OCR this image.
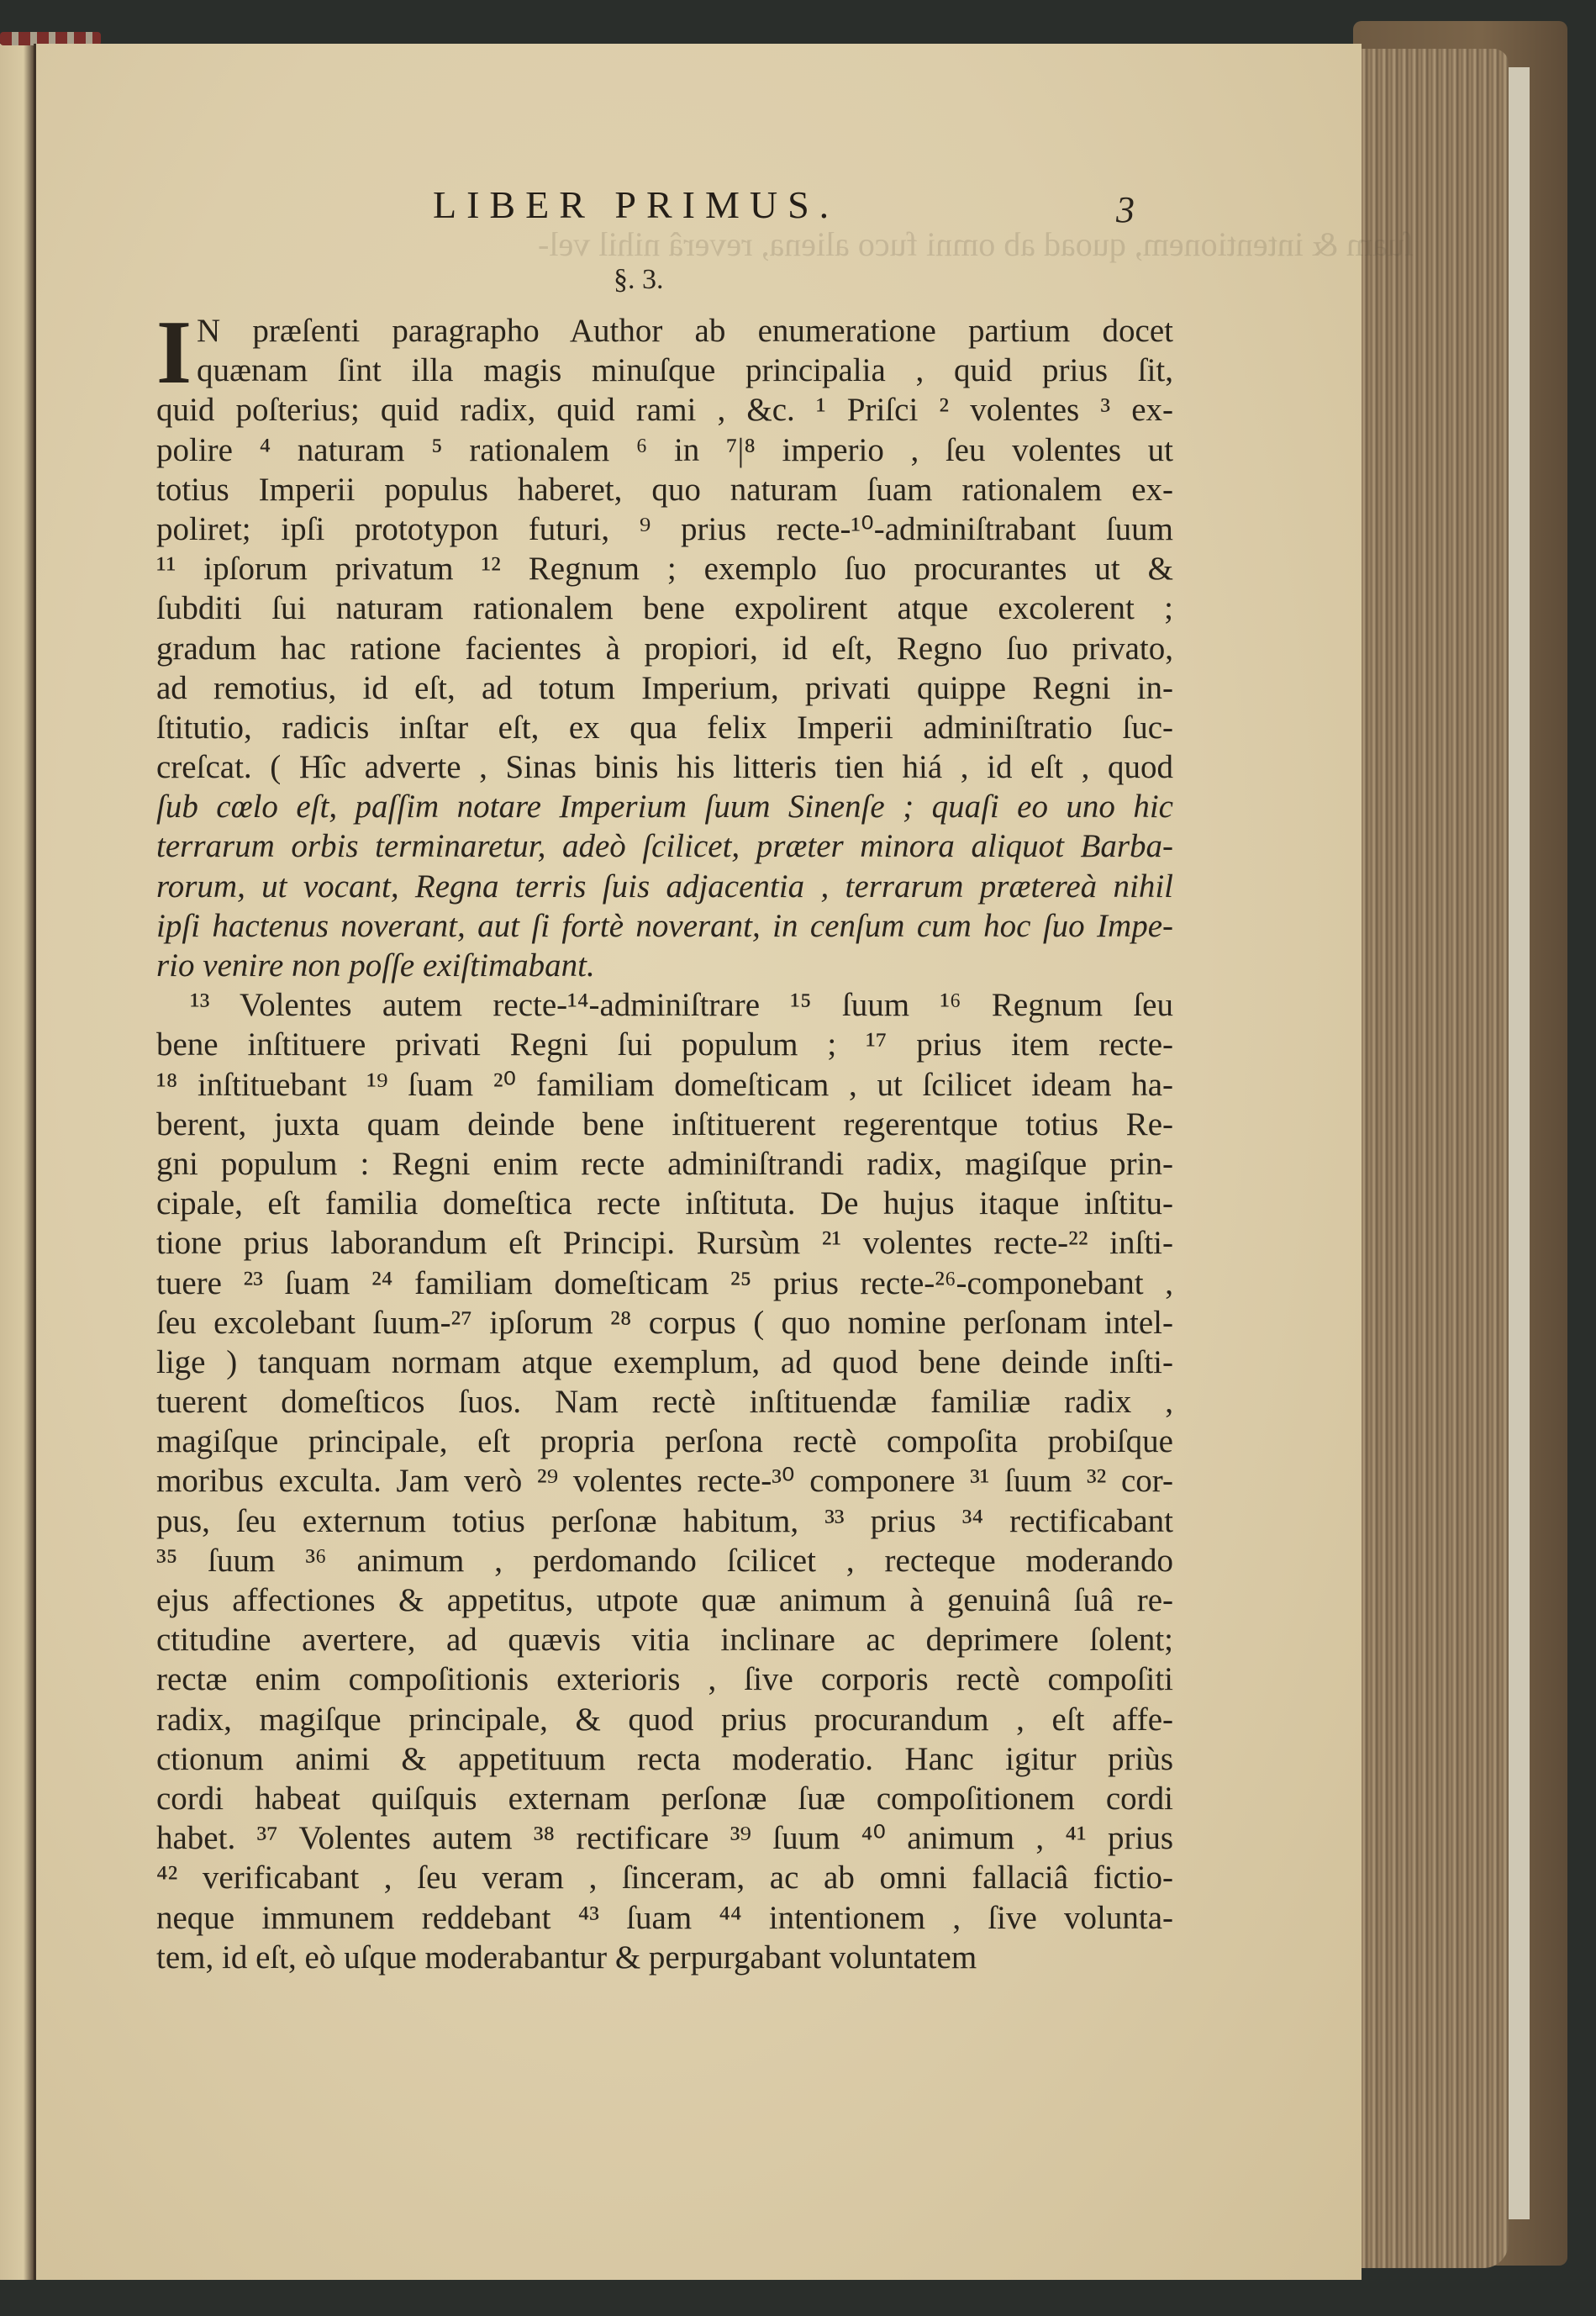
ſuam & intentionem, quoad ab omni fuco aliena, reverâ nihil vel-
LIBER PRIMUS.	3
§. 3.
I N præſenti paragrapho Author ab enumeratione partium docet
quænam ſint illa magis minuſque principalia , quid prius ſit,
quid poſterius; quid radix, quid rami , &c. ¹ Priſci ² volentes ³ ex-
polire ⁴ naturam ⁵ rationalem ⁶ in ⁷|⁸ imperio , ſeu volentes ut
totius Imperii populus haberet, quo naturam ſuam rationalem ex-
poliret; ipſi prototypon futuri, ⁹ prius recte-¹⁰-adminiſtrabant ſuum
¹¹ ipſorum privatum ¹² Regnum ; exemplo ſuo procurantes ut &
ſubditi ſui naturam rationalem bene expolirent atque excolerent ;
gradum hac ratione facientes à propiori, id eſt, Regno ſuo privato,
ad remotius, id eſt, ad totum Imperium, privati quippe Regni in-
ſtitutio, radicis inſtar eſt, ex qua felix Imperii adminiſtratio ſuc-
creſcat. ( Hîc adverte , Sinas binis his litteris tien hiá , id eſt , quod
ſub cœlo eſt, paſſim notare Imperium ſuum Sinenſe ; quaſi eo uno hic
terrarum orbis terminaretur, adeò ſcilicet, præter minora aliquot Barba-
rorum, ut vocant, Regna terris ſuis adjacentia , terrarum prætereà nihil
ipſi hactenus noverant, aut ſi fortè noverant, in cenſum cum hoc ſuo Impe-
rio venire non poſſe exiſtimabant.
¹³ Volentes autem recte-¹⁴-adminiſtrare ¹⁵ ſuum ¹⁶ Regnum ſeu
bene inſtituere privati Regni ſui populum ; ¹⁷ prius item recte-
¹⁸ inſtituebant ¹⁹ ſuam ²⁰ familiam domeſticam , ut ſcilicet ideam ha-
berent, juxta quam deinde bene inſtituerent regerentque totius Re-
gni populum : Regni enim recte adminiſtrandi radix, magiſque prin-
cipale, eſt familia domeſtica recte inſtituta. De hujus itaque inſtitu-
tione prius laborandum eſt Principi. Rursùm ²¹ volentes recte-²² inſti-
tuere ²³ ſuam ²⁴ familiam domeſticam ²⁵ prius recte-²⁶-componebant ,
ſeu excolebant ſuum-²⁷ ipſorum ²⁸ corpus ( quo nomine perſonam intel-
lige ) tanquam normam atque exemplum, ad quod bene deinde inſti-
tuerent domeſticos ſuos. Nam rectè inſtituendæ familiæ radix ,
magiſque principale, eſt propria perſona rectè compoſita probiſque
moribus exculta. Jam verò ²⁹ volentes recte-³⁰ componere ³¹ ſuum ³² cor-
pus, ſeu externum totius perſonæ habitum, ³³ prius ³⁴ rectificabant
³⁵ ſuum ³⁶ animum , perdomando ſcilicet , recteque moderando
ejus affectiones & appetitus, utpote quæ animum à genuinâ ſuâ re-
ctitudine avertere, ad quævis vitia inclinare ac deprimere ſolent;
rectæ enim compoſitionis exterioris , ſive corporis rectè compoſiti
radix, magiſque principale, & quod prius procurandum , eſt affe-
ctionum animi & appetituum recta moderatio. Hanc igitur priùs
cordi habeat quiſquis externam perſonæ ſuæ compoſitionem cordi
habet. ³⁷ Volentes autem ³⁸ rectificare ³⁹ ſuum ⁴⁰ animum , ⁴¹ prius
⁴² verificabant , ſeu veram , ſinceram, ac ab omni fallaciâ fictio-
neque immunem reddebant ⁴³ ſuam ⁴⁴ intentionem , ſive volunta-
tem, id eſt, eò uſque moderabantur & perpurgabant voluntatem
